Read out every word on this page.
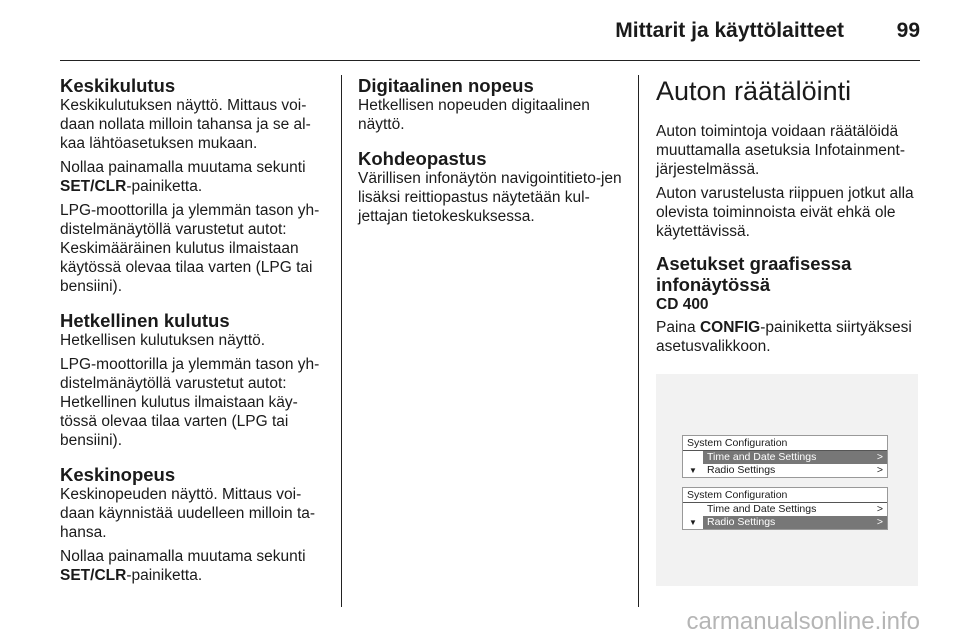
Mittarit ja käyttölaitteet	99
Keskikulutus

Keskikulutuksen näyttö. Mittaus voi-daan nollata milloin tahansa ja se al-kaa lähtöasetuksen mukaan.

Nollaa painamalla muutama sekunti SET/CLR-painiketta.

LPG-moottorilla ja ylemmän tason yh-distelmänäytöllä varustetut autot: Keskimääräinen kulutus ilmaistaan käytössä olevaa tilaa varten (LPG tai bensiini).

Hetkellinen kulutus

Hetkellisen kulutuksen näyttö.

LPG-moottorilla ja ylemmän tason yh-distelmänäytöllä varustetut autot: Hetkellinen kulutus ilmaistaan käy-tössä olevaa tilaa varten (LPG tai bensiini).

Keskinopeus

Keskinopeuden näyttö. Mittaus voi-daan käynnistää uudelleen milloin ta-hansa.

Nollaa painamalla muutama sekunti SET/CLR-painiketta.

Digitaalinen nopeus

Hetkellisen nopeuden digitaalinen näyttö.

Kohdeopastus

Värillisen infonäytön navigointitieto-jen lisäksi reittiopastus näytetään kul-jettajan tietokeskuksessa.

Auton räätälöinti

Auton toimintoja voidaan räätälöidä muuttamalla asetuksia Infotainment-järjestelmässä.

Auton varustelusta riippuen jotkut alla olevista toiminnoista eivät ehkä ole käytettävissä.

Asetukset graafisessa infonäytössä
CD 400

Paina CONFIG-painiketta siirtyäksesi asetusvalikkoon.

System Configuration
Time and Date Settings	>
▼ Radio Settings	>
System Configuration
Time and Date Settings	>
▼ Radio Settings	>
carmanualsonline.info
